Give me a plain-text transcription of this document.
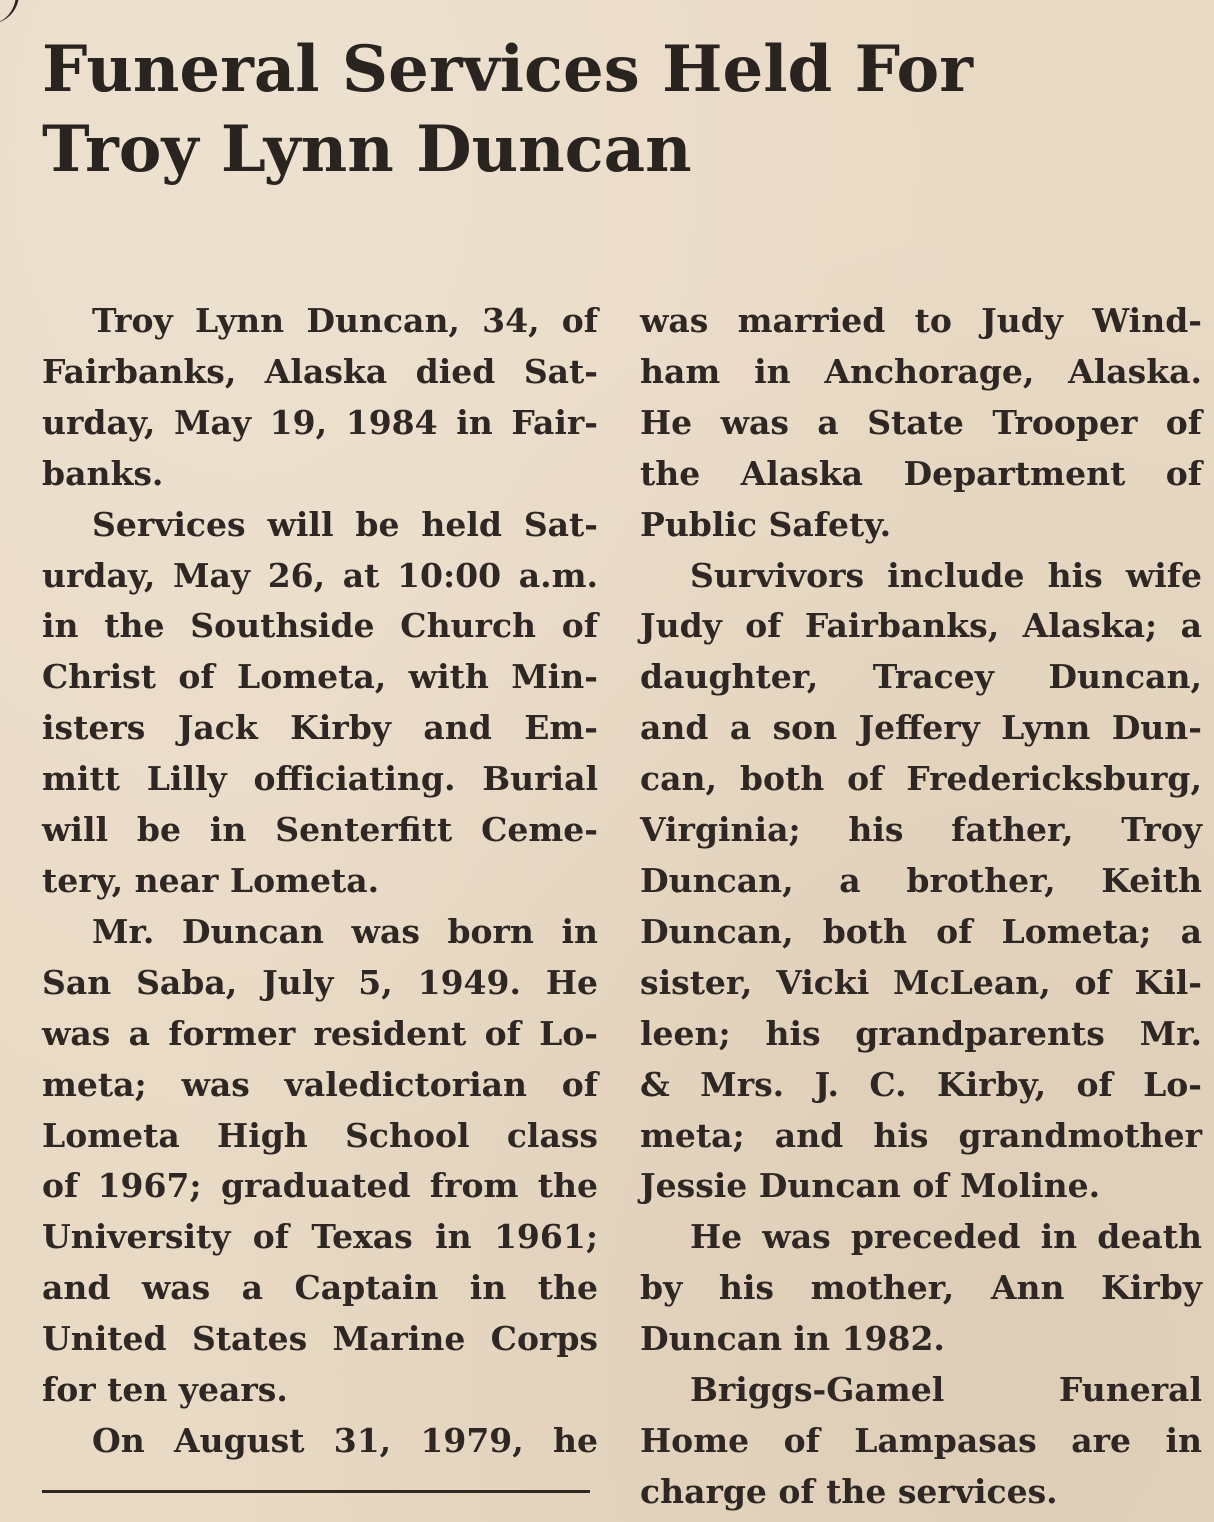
Funeral Services Held For
Troy Lynn Duncan
Troy Lynn Duncan, 34, of
Fairbanks, Alaska died Sat-
urday, May 19, 1984 in Fair-
banks.
Services will be held Sat-
urday, May 26, at 10:00 a.m.
in the Southside Church of
Christ of Lometa, with Min-
isters Jack Kirby and Em-
mitt Lilly officiating. Burial
will be in Senterfitt Ceme-
tery, near Lometa.
Mr. Duncan was born in
San Saba, July 5, 1949. He
was a former resident of Lo-
meta; was valedictorian of
Lometa High School class
of 1967; graduated from the
University of Texas in 1961;
and was a Captain in the
United States Marine Corps
for ten years.
On August 31, 1979, he
was married to Judy Wind-
ham in Anchorage, Alaska.
He was a State Trooper of
the Alaska Department of
Public Safety.
Survivors include his wife
Judy of Fairbanks, Alaska; a
daughter, Tracey Duncan,
and a son Jeffery Lynn Dun-
can, both of Fredericksburg,
Virginia; his father, Troy
Duncan, a brother, Keith
Duncan, both of Lometa; a
sister, Vicki McLean, of Kil-
leen; his grandparents Mr.
& Mrs. J. C. Kirby, of Lo-
meta; and his grandmother
Jessie Duncan of Moline.
He was preceded in death
by his mother, Ann Kirby
Duncan in 1982.
Briggs-Gamel Funeral
Home of Lampasas are in
charge of the services.
